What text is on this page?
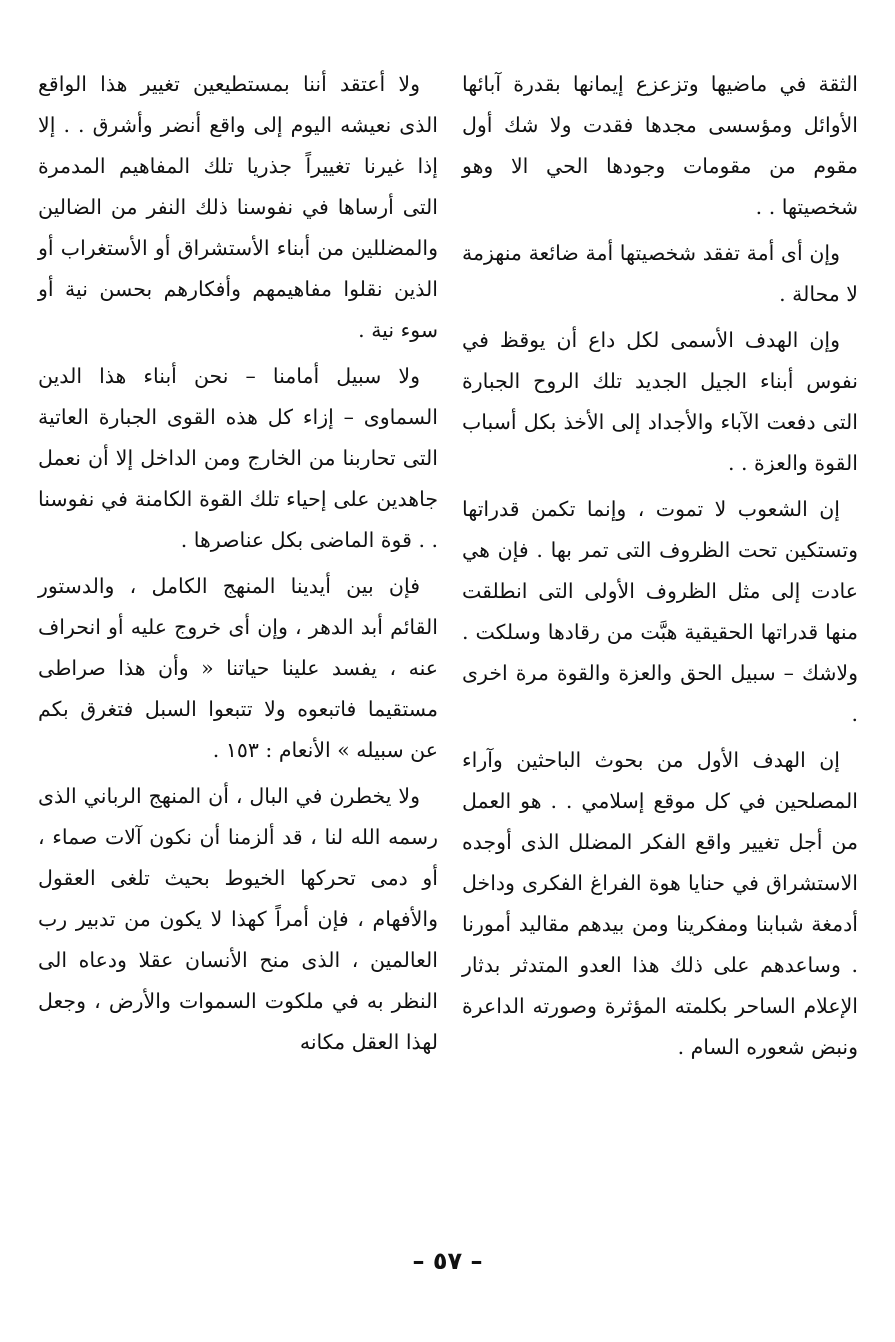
الثقة في ماضيها وتزعزع إيمانها بقدرة آبائها الأوائل ومؤسسى مجدها فقدت ولا شك أول مقوم من مقومات وجودها الحي الا وهو شخصيتها . .

وإن أى أمة تفقد شخصيتها أمة ضائعة منهزمة لا محالة .

وإن الهدف الأسمى لكل داع أن يوقظ في نفوس أبناء الجيل الجديد تلك الروح الجبارة التى دفعت الآباء والأجداد إلى الأخذ بكل أسباب القوة والعزة . .

إن الشعوب لا تموت ، وإنما تكمن قدراتها وتستكين تحت الظروف التى تمر بها . فإن هي عادت إلى مثل الظروف الأولى التى انطلقت منها قدراتها الحقيقية هبَّت من رقادها وسلكت . ولاشك – سبيل الحق والعزة والقوة مرة اخرى .

إن الهدف الأول من بحوث الباحثين وآراء المصلحين في كل موقع إسلامي . . هو العمل من أجل تغيير واقع الفكر المضلل الذى أوجده الاستشراق في حنايا هوة الفراغ الفكرى وداخل أدمغة شبابنا ومفكرينا ومن بيدهم مقاليد أمورنا . وساعدهم على ذلك هذا العدو المتدثر بدثار الإعلام الساحر بكلمته المؤثرة وصورته الداعرة ونبض شعوره السام .

ولا أعتقد أننا بمستطيعين تغيير هذا الواقع الذى نعيشه اليوم إلى واقع أنضر وأشرق . . إلا إذا غيرنا تغييراً جذريا تلك المفاهيم المدمرة التى أرساها في نفوسنا ذلك النفر من الضالين والمضللين من أبناء الأستشراق أو الأستغراب أو الذين نقلوا مفاهيمهم وأفكارهم بحسن نية أو سوء نية .

ولا سبيل أمامنا – نحن أبناء هذا الدين السماوى – إزاء كل هذه القوى الجبارة العاتية التى تحاربنا من الخارج ومن الداخل إلا أن نعمل جاهدين على إحياء تلك القوة الكامنة في نفوسنا . . قوة الماضى بكل عناصرها .

فإن بين أيدينا المنهج الكامل ، والدستور القائم أبد الدهر ، وإن أى خروج عليه أو انحراف عنه ، يفسد علينا حياتنا « وأن هذا صراطى مستقيما فاتبعوه ولا تتبعوا السبل فتغرق بكم عن سبيله » الأنعام : ١٥٣ .

ولا يخطرن في البال ، أن المنهج الرباني الذى رسمه الله لنا ، قد ألزمنا أن نكون آلات صماء ، أو دمى تحركها الخيوط بحيث تلغى العقول والأفهام ، فإن أمراً كهذا لا يكون من تدبير رب العالمين ، الذى منح الأنسان عقلا ودعاه الى النظر به في ملكوت السموات والأرض ، وجعل لهذا العقل مكانه

– ٥٧ –
